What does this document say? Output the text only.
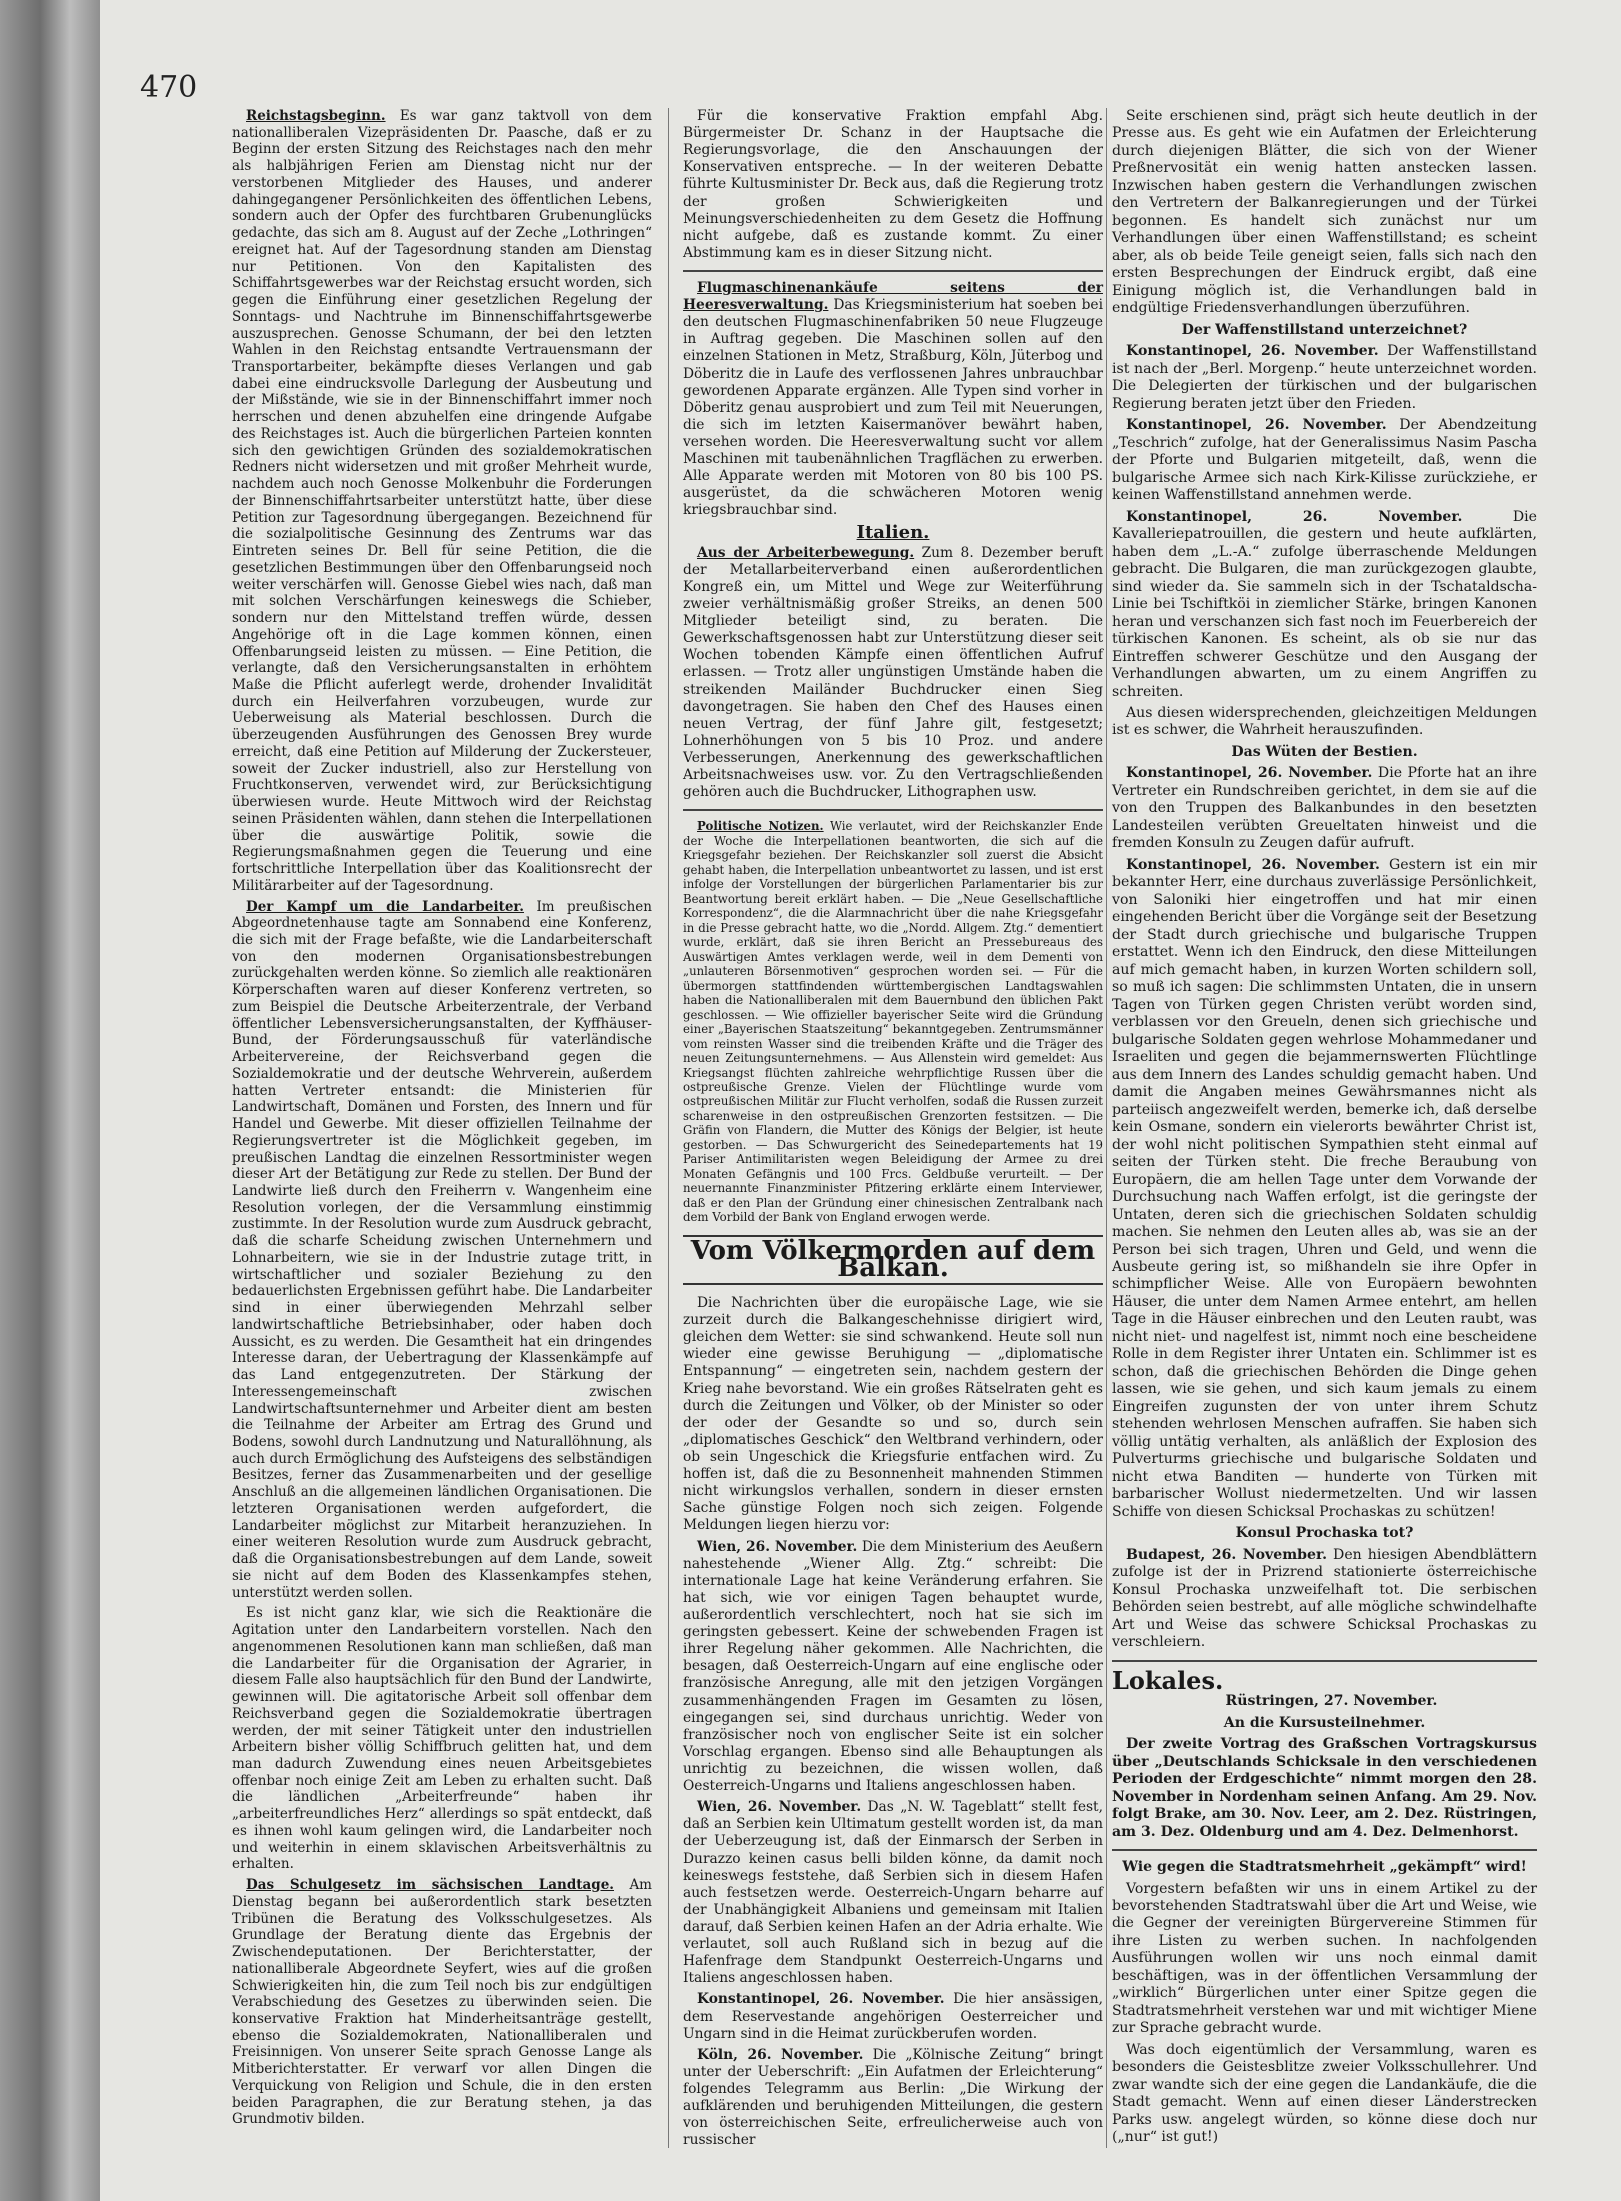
470

Reichstagsbeginn. Es war ganz taktvoll von dem nationalliberalen Vizepräsidenten Dr. Paasche, daß er zu Beginn der ersten Sitzung des Reichstages nach den mehr als halbjährigen Ferien am Dienstag nicht nur der verstorbenen Mitglieder des Hauses, und anderer dahingegangener Persönlichkeiten des öffentlichen Lebens, sondern auch der Opfer des furchtbaren Grubenunglücks gedachte, das sich am 8. August auf der Zeche „Lothringen“ ereignet hat. Auf der Tagesordnung standen am Dienstag nur Petitionen. Von den Kapitalisten des Schiffahrtsgewerbes war der Reichstag ersucht worden, sich gegen die Einführung einer gesetzlichen Regelung der Sonntags- und Nachtruhe im Binnenschiffahrtsgewerbe auszusprechen. Genosse Schumann, der bei den letzten Wahlen in den Reichstag entsandte Vertrauensmann der Transportarbeiter, bekämpfte dieses Verlangen und gab dabei eine eindrucksvolle Darlegung der Ausbeutung und der Mißstände, wie sie in der Binnenschiffahrt immer noch herrschen und denen abzuhelfen eine dringende Aufgabe des Reichstages ist. Auch die bürgerlichen Parteien konnten sich den gewichtigen Gründen des sozialdemokratischen Redners nicht widersetzen und mit großer Mehrheit wurde, nachdem auch noch Genosse Molkenbuhr die Forderungen der Binnenschiffahrtsarbeiter unterstützt hatte, über diese Petition zur Tagesordnung übergegangen. Bezeichnend für die sozialpolitische Gesinnung des Zentrums war das Eintreten seines Dr. Bell für seine Petition, die die gesetzlichen Bestimmungen über den Offenbarungseid noch weiter verschärfen will. Genosse Giebel wies nach, daß man mit solchen Verschärfungen keineswegs die Schieber, sondern nur den Mittelstand treffen würde, dessen Angehörige oft in die Lage kommen können, einen Offenbarungseid leisten zu müssen. — Eine Petition, die verlangte, daß den Versicherungsanstalten in erhöhtem Maße die Pflicht auferlegt werde, drohender Invalidität durch ein Heilverfahren vorzubeugen, wurde zur Ueberweisung als Material beschlossen. Durch die überzeugenden Ausführungen des Genossen Brey wurde erreicht, daß eine Petition auf Milderung der Zuckersteuer, soweit der Zucker industriell, also zur Herstellung von Fruchtkonserven, verwendet wird, zur Berücksichtigung überwiesen wurde. Heute Mittwoch wird der Reichstag seinen Präsidenten wählen, dann stehen die Interpellationen über die auswärtige Politik, sowie die Regierungsmaßnahmen gegen die Teuerung und eine fortschrittliche Interpellation über das Koalitionsrecht der Militärarbeiter auf der Tagesordnung.

Der Kampf um die Landarbeiter. Im preußischen Abgeordnetenhause tagte am Sonnabend eine Konferenz, die sich mit der Frage befaßte, wie die Landarbeiterschaft von den modernen Organisationsbestrebungen zurückgehalten werden könne. So ziemlich alle reaktionären Körperschaften waren auf dieser Konferenz vertreten, so zum Beispiel die Deutsche Arbeiterzentrale, der Verband öffentlicher Lebensversicherungsanstalten, der Kyffhäuser-Bund, der Förderungsausschuß für vaterländische Arbeitervereine, der Reichsverband gegen die Sozialdemokratie und der deutsche Wehrverein, außerdem hatten Vertreter entsandt: die Ministerien für Landwirtschaft, Domänen und Forsten, des Innern und für Handel und Gewerbe. Mit dieser offiziellen Teilnahme der Regierungsvertreter ist die Möglichkeit gegeben, im preußischen Landtag die einzelnen Ressortminister wegen dieser Art der Betätigung zur Rede zu stellen. Der Bund der Landwirte ließ durch den Freiherrn v. Wangenheim eine Resolution vorlegen, der die Versammlung einstimmig zustimmte. In der Resolution wurde zum Ausdruck gebracht, daß die scharfe Scheidung zwischen Unternehmern und Lohnarbeitern, wie sie in der Industrie zutage tritt, in wirtschaftlicher und sozialer Beziehung zu den bedauerlichsten Ergebnissen geführt habe. Die Landarbeiter sind in einer überwiegenden Mehrzahl selber landwirtschaftliche Betriebsinhaber, oder haben doch Aussicht, es zu werden. Die Gesamtheit hat ein dringendes Interesse daran, der Uebertragung der Klassenkämpfe auf das Land entgegenzutreten. Der Stärkung der Interessengemeinschaft zwischen Landwirtschaftsunternehmer und Arbeiter dient am besten die Teilnahme der Arbeiter am Ertrag des Grund und Bodens, sowohl durch Landnutzung und Naturallöhnung, als auch durch Ermöglichung des Aufsteigens des selbständigen Besitzes, ferner das Zusammenarbeiten und der gesellige Anschluß an die allgemeinen ländlichen Organisationen. Die letzteren Organisationen werden aufgefordert, die Landarbeiter möglichst zur Mitarbeit heranzuziehen. In einer weiteren Resolution wurde zum Ausdruck gebracht, daß die Organisationsbestrebungen auf dem Lande, soweit sie nicht auf dem Boden des Klassenkampfes stehen, unterstützt werden sollen.

Es ist nicht ganz klar, wie sich die Reaktionäre die Agitation unter den Landarbeitern vorstellen. Nach den angenommenen Resolutionen kann man schließen, daß man die Landarbeiter für die Organisation der Agrarier, in diesem Falle also hauptsächlich für den Bund der Landwirte, gewinnen will. Die agitatorische Arbeit soll offenbar dem Reichsverband gegen die Sozialdemokratie übertragen werden, der mit seiner Tätigkeit unter den industriellen Arbeitern bisher völlig Schiffbruch gelitten hat, und dem man dadurch Zuwendung eines neuen Arbeitsgebietes offenbar noch einige Zeit am Leben zu erhalten sucht. Daß die ländlichen „Arbeiterfreunde“ haben ihr „arbeiterfreundliches Herz“ allerdings so spät entdeckt, daß es ihnen wohl kaum gelingen wird, die Landarbeiter noch und weiterhin in einem sklavischen Arbeitsverhältnis zu erhalten.

Das Schulgesetz im sächsischen Landtage. Am Dienstag begann bei außerordentlich stark besetzten Tribünen die Beratung des Volksschulgesetzes. Als Grundlage der Beratung diente das Ergebnis der Zwischendeputationen. Der Berichterstatter, der nationalliberale Abgeordnete Seyfert, wies auf die großen Schwierigkeiten hin, die zum Teil noch bis zur endgültigen Verabschiedung des Gesetzes zu überwinden seien. Die konservative Fraktion hat Minderheitsanträge gestellt, ebenso die Sozialdemokraten, Nationalliberalen und Freisinnigen. Von unserer Seite sprach Genosse Lange als Mitberichterstatter. Er verwarf vor allen Dingen die Verquickung von Religion und Schule, die in den ersten beiden Paragraphen, die zur Beratung stehen, ja das Grundmotiv bilden.

Für die konservative Fraktion empfahl Abg. Bürgermeister Dr. Schanz in der Hauptsache die Regierungsvorlage, die den Anschauungen der Konservativen entspreche. — In der weiteren Debatte führte Kultusminister Dr. Beck aus, daß die Regierung trotz der großen Schwierigkeiten und Meinungsverschiedenheiten zu dem Gesetz die Hoffnung nicht aufgebe, daß es zustande kommt. Zu einer Abstimmung kam es in dieser Sitzung nicht.

Flugmaschinenankäufe seitens der Heeresverwaltung. Das Kriegsministerium hat soeben bei den deutschen Flugmaschinenfabriken 50 neue Flugzeuge in Auftrag gegeben. Die Maschinen sollen auf den einzelnen Stationen in Metz, Straßburg, Köln, Jüterbog und Döberitz die in Laufe des verflossenen Jahres unbrauchbar gewordenen Apparate ergänzen. Alle Typen sind vorher in Döberitz genau ausprobiert und zum Teil mit Neuerungen, die sich im letzten Kaisermanöver bewährt haben, versehen worden. Die Heeresverwaltung sucht vor allem Maschinen mit taubenähnlichen Tragflächen zu erwerben. Alle Apparate werden mit Motoren von 80 bis 100 PS. ausgerüstet, da die schwächeren Motoren wenig kriegsbrauchbar sind.

Italien.

Aus der Arbeiterbewegung. Zum 8. Dezember beruft der Metallarbeiterverband einen außerordentlichen Kongreß ein, um Mittel und Wege zur Weiterführung zweier verhältnismäßig großer Streiks, an denen 500 Mitglieder beteiligt sind, zu beraten. Die Gewerkschaftsgenossen habt zur Unterstützung dieser seit Wochen tobenden Kämpfe einen öffentlichen Aufruf erlassen. — Trotz aller ungünstigen Umstände haben die streikenden Mailänder Buchdrucker einen Sieg davongetragen. Sie haben den Chef des Hauses einen neuen Vertrag, der fünf Jahre gilt, festgesetzt; Lohnerhöhungen von 5 bis 10 Proz. und andere Verbesserungen, Anerkennung des gewerkschaftlichen Arbeitsnachweises usw. vor. Zu den Vertragschließenden gehören auch die Buchdrucker, Lithographen usw.

Politische Notizen. Wie verlautet, wird der Reichskanzler Ende der Woche die Interpellationen beantworten, die sich auf die Kriegsgefahr beziehen. Der Reichskanzler soll zuerst die Absicht gehabt haben, die Interpellation unbeantwortet zu lassen, und ist erst infolge der Vorstellungen der bürgerlichen Parlamentarier bis zur Beantwortung bereit erklärt haben. — Die „Neue Gesellschaftliche Korrespondenz“, die die Alarmnachricht über die nahe Kriegsgefahr in die Presse gebracht hatte, wo die „Nordd. Allgem. Ztg.“ dementiert wurde, erklärt, daß sie ihren Bericht an Pressebureaus des Auswärtigen Amtes verklagen werde, weil in dem Dementi von „unlauteren Börsenmotiven“ gesprochen worden sei. — Für die übermorgen stattfindenden württembergischen Landtagswahlen haben die Nationalliberalen mit dem Bauernbund den üblichen Pakt geschlossen. — Wie offizieller bayerischer Seite wird die Gründung einer „Bayerischen Staatszeitung“ bekanntgegeben. Zentrumsmänner vom reinsten Wasser sind die treibenden Kräfte und die Träger des neuen Zeitungsunternehmens. — Aus Allenstein wird gemeldet: Aus Kriegsangst flüchten zahlreiche wehrpflichtige Russen über die ostpreußische Grenze. Vielen der Flüchtlinge wurde vom ostpreußischen Militär zur Flucht verholfen, sodaß die Russen zurzeit scharenweise in den ostpreußischen Grenzorten festsitzen. — Die Gräfin von Flandern, die Mutter des Königs der Belgier, ist heute gestorben. — Das Schwurgericht des Seinedepartements hat 19 Pariser Antimilitaristen wegen Beleidigung der Armee zu drei Monaten Gefängnis und 100 Frcs. Geldbuße verurteilt. — Der neuernannte Finanzminister Pfitzering erklärte einem Interviewer, daß er den Plan der Gründung einer chinesischen Zentralbank nach dem Vorbild der Bank von England erwogen werde.

Vom Völkermorden auf dem Balkan.

Die Nachrichten über die europäische Lage, wie sie zurzeit durch die Balkangeschehnisse dirigiert wird, gleichen dem Wetter: sie sind schwankend. Heute soll nun wieder eine gewisse Beruhigung — „diplomatische Entspannung“ — eingetreten sein, nachdem gestern der Krieg nahe bevorstand. Wie ein großes Rätselraten geht es durch die Zeitungen und Völker, ob der Minister so oder der oder der Gesandte so und so, durch sein „diplomatisches Geschick“ den Weltbrand verhindern, oder ob sein Ungeschick die Kriegsfurie entfachen wird. Zu hoffen ist, daß die zu Besonnenheit mahnenden Stimmen nicht wirkungslos verhallen, sondern in dieser ernsten Sache günstige Folgen noch sich zeigen. Folgende Meldungen liegen hierzu vor:

Wien, 26. November. Die dem Ministerium des Aeußern nahestehende „Wiener Allg. Ztg.“ schreibt: Die internationale Lage hat keine Veränderung erfahren. Sie hat sich, wie vor einigen Tagen behauptet wurde, außerordentlich verschlechtert, noch hat sie sich im geringsten gebessert. Keine der schwebenden Fragen ist ihrer Regelung näher gekommen. Alle Nachrichten, die besagen, daß Oesterreich-Ungarn auf eine englische oder französische Anregung, alle mit den jetzigen Vorgängen zusammenhängenden Fragen im Gesamten zu lösen, eingegangen sei, sind durchaus unrichtig. Weder von französischer noch von englischer Seite ist ein solcher Vorschlag ergangen. Ebenso sind alle Behauptungen als unrichtig zu bezeichnen, die wissen wollen, daß Oesterreich-Ungarns und Italiens angeschlossen haben.

Wien, 26. November. Das „N. W. Tageblatt“ stellt fest, daß an Serbien kein Ultimatum gestellt worden ist, da man der Ueberzeugung ist, daß der Einmarsch der Serben in Durazzo keinen casus belli bilden könne, da damit noch keineswegs feststehe, daß Serbien sich in diesem Hafen auch festsetzen werde. Oesterreich-Ungarn beharre auf der Unabhängigkeit Albaniens und gemeinsam mit Italien darauf, daß Serbien keinen Hafen an der Adria erhalte. Wie verlautet, soll auch Rußland sich in bezug auf die Hafenfrage dem Standpunkt Oesterreich-Ungarns und Italiens angeschlossen haben.

Konstantinopel, 26. November. Die hier ansässigen, dem Reservestande angehörigen Oesterreicher und Ungarn sind in die Heimat zurückberufen worden.

Köln, 26. November. Die „Kölnische Zeitung“ bringt unter der Ueberschrift: „Ein Aufatmen der Erleichterung“ folgendes Telegramm aus Berlin: „Die Wirkung der aufklärenden und beruhigenden Mitteilungen, die gestern von österreichischen Seite, erfreulicherweise auch von russischer

Seite erschienen sind, prägt sich heute deutlich in der Presse aus. Es geht wie ein Aufatmen der Erleichterung durch diejenigen Blätter, die sich von der Wiener Preßnervosität ein wenig hatten anstecken lassen. Inzwischen haben gestern die Verhandlungen zwischen den Vertretern der Balkanregierungen und der Türkei begonnen. Es handelt sich zunächst nur um Verhandlungen über einen Waffenstillstand; es scheint aber, als ob beide Teile geneigt seien, falls sich nach den ersten Besprechungen der Eindruck ergibt, daß eine Einigung möglich ist, die Verhandlungen bald in endgültige Friedensverhandlungen überzuführen.

Der Waffenstillstand unterzeichnet?

Konstantinopel, 26. November. Der Waffenstillstand ist nach der „Berl. Morgenp.“ heute unterzeichnet worden. Die Delegierten der türkischen und der bulgarischen Regierung beraten jetzt über den Frieden.

Konstantinopel, 26. November. Der Abendzeitung „Teschrich“ zufolge, hat der Generalissimus Nasim Pascha der Pforte und Bulgarien mitgeteilt, daß, wenn die bulgarische Armee sich nach Kirk-Kilisse zurückziehe, er keinen Waffenstillstand annehmen werde.

Konstantinopel, 26. November.	Die Kavalleriepatrouillen, die gestern und heute aufklärten, haben dem „L.-A.“ zufolge überraschende Meldungen gebracht. Die Bulgaren, die man zurückgezogen glaubte, sind wieder da. Sie sammeln sich in der Tschataldscha-Linie bei Tschiftköi in ziemlicher Stärke, bringen Kanonen heran und verschanzen sich fast noch im Feuerbereich der türkischen Kanonen. Es scheint, als ob sie nur das Eintreffen schwerer Geschütze und den Ausgang der Verhandlungen abwarten, um zu einem Angriffen zu schreiten.

Aus diesen widersprechenden, gleichzeitigen Meldungen ist es schwer, die Wahrheit herauszufinden.

Das Wüten der Bestien.

Konstantinopel, 26. November. Die Pforte hat an ihre Vertreter ein Rundschreiben gerichtet, in dem sie auf die von den Truppen des Balkanbundes in den besetzten Landesteilen verübten Greueltaten hinweist und die fremden Konsuln zu Zeugen dafür aufruft.

Konstantinopel, 26. November. Gestern ist ein mir bekannter Herr, eine durchaus zuverlässige Persönlichkeit, von Saloniki hier eingetroffen und hat mir einen eingehenden Bericht über die Vorgänge seit der Besetzung der Stadt durch griechische und bulgarische Truppen erstattet. Wenn ich den Eindruck, den diese Mitteilungen auf mich gemacht haben, in kurzen Worten schildern soll, so muß ich sagen: Die schlimmsten Untaten, die in unsern Tagen von Türken gegen Christen verübt worden sind, verblassen vor den Greueln, denen sich griechische und bulgarische Soldaten gegen wehrlose Mohammedaner und Israeliten und gegen die bejammernswerten Flüchtlinge aus dem Innern des Landes schuldig gemacht haben. Und damit die Angaben meines Gewährsmannes nicht als parteiisch angezweifelt werden, bemerke ich, daß derselbe kein Osmane, sondern ein vielerorts bewährter Christ ist, der wohl nicht politischen Sympathien steht einmal auf seiten der Türken steht. Die freche Beraubung von Europäern, die am hellen Tage unter dem Vorwande der Durchsuchung nach Waffen erfolgt, ist die geringste der Untaten, deren sich die griechischen Soldaten schuldig machen. Sie nehmen den Leuten alles ab, was sie an der Person bei sich tragen, Uhren und Geld, und wenn die Ausbeute gering ist, so mißhandeln sie ihre Opfer in schimpflicher Weise. Alle von Europäern bewohnten Häuser, die unter dem Namen Armee entehrt, am hellen Tage in die Häuser einbrechen und den Leuten raubt, was nicht niet- und nagelfest ist, nimmt noch eine bescheidene Rolle in dem Register ihrer Untaten ein. Schlimmer ist es schon, daß die griechischen Behörden die Dinge gehen lassen, wie sie gehen, und sich kaum jemals zu einem Eingreifen zugunsten der von unter ihrem Schutz stehenden wehrlosen Menschen aufraffen. Sie haben sich völlig untätig verhalten, als anläßlich der Explosion des Pulverturms griechische und bulgarische Soldaten und nicht etwa Banditen — hunderte von Türken mit barbarischer Wollust niedermetzelten. Und wir lassen Schiffe von diesen Schicksal Prochaskas zu schützen!

Konsul Prochaska tot?

Budapest, 26. November. Den hiesigen Abendblättern zufolge ist der in Prizrend stationierte österreichische Konsul Prochaska unzweifelhaft tot. Die serbischen Behörden seien bestrebt, auf alle mögliche schwindelhafte Art und Weise das schwere Schicksal Prochaskas zu verschleiern.

Lokales.

Rüstringen, 27. November.

An die Kursusteilnehmer.

Der zweite Vortrag des Graßschen Vortragskursus über „Deutschlands Schicksale in den verschiedenen Perioden der Erdgeschichte“ nimmt morgen den 28. November in Nordenham seinen Anfang. Am 29. Nov. folgt Brake, am 30. Nov. Leer, am 2. Dez. Rüstringen, am 3. Dez. Oldenburg und am 4. Dez. Delmenhorst.

Wie gegen die Stadtratsmehrheit „gekämpft“ wird!

Vorgestern befaßten wir uns in einem Artikel zu der bevorstehenden Stadtratswahl über die Art und Weise, wie die Gegner der vereinigten Bürgervereine Stimmen für ihre Listen zu werben suchen. In nachfolgenden Ausführungen wollen wir uns noch einmal damit beschäftigen, was in der öffentlichen Versammlung der „wirklich“ Bürgerlichen unter einer Spitze gegen die Stadtratsmehrheit verstehen war und mit wichtiger Miene zur Sprache gebracht wurde.

Was doch eigentümlich der Versammlung, waren es besonders die Geistesblitze zweier Volksschullehrer. Und zwar wandte sich der eine gegen die Landankäufe, die die Stadt gemacht. Wenn auf einen dieser Länderstrecken Parks usw. angelegt würden, so könne diese doch nur („nur“ ist gut!)
